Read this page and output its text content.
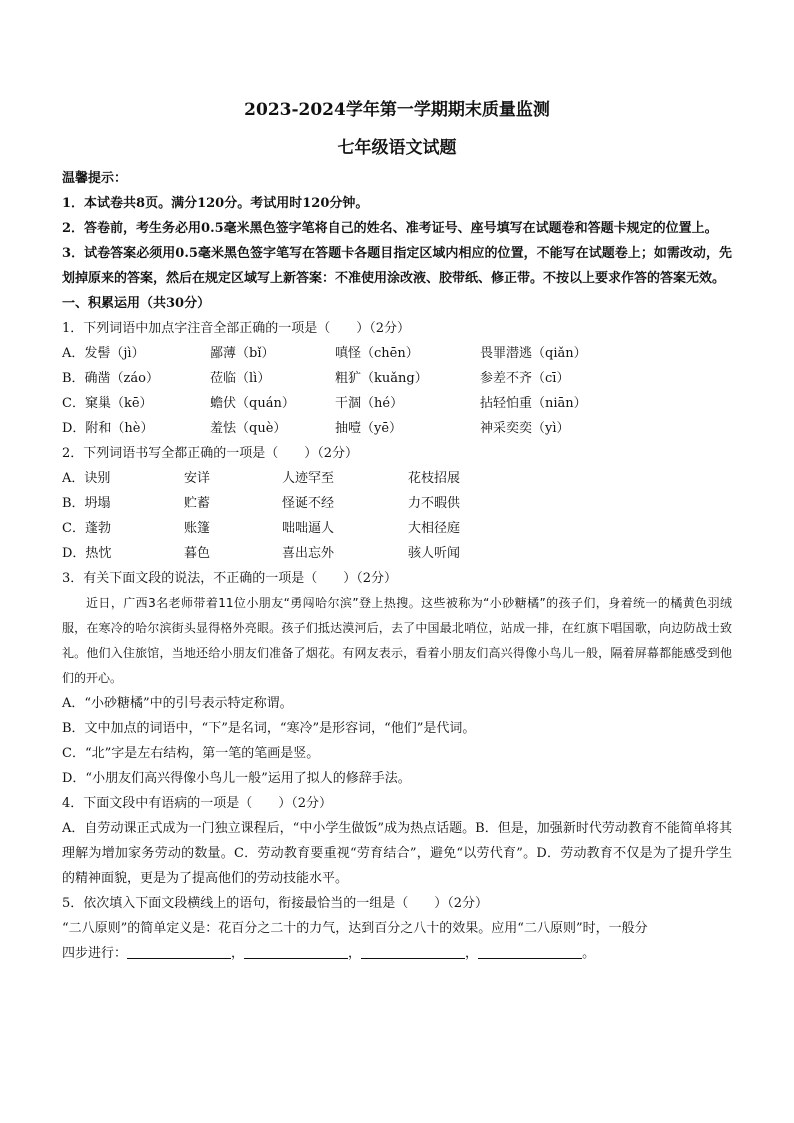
2023-2024学年第一学期期末质量监测
七年级语文试题
温馨提示：
1．本试卷共8页。满分120分。考试用时120分钟。
2．答卷前，考生务必用0.5毫米黑色签字笔将自己的姓名、准考证号、座号填写在试题卷和答题卡规定的位置上。
3．试卷答案必须用0.5毫米黑色签字笔写在答题卡各题目指定区域内相应的位置，不能写在试题卷上；如需改动，先划掉原来的答案，然后在规定区域写上新答案：不准使用涂改液、胶带纸、修正带。不按以上要求作答的答案无效。
一、积累运用（共30分）
1．下列词语中加点字注音全部正确的一项是（　　）（2分）
A．发髻（jì）	鄙薄（bǐ）	嗔怪（chēn）	畏罪潜逃（qiǎn）
B．确凿（záo）	莅临（lì）	粗犷（kuǎng）	参差不齐（cī）
C．窠巢（kē）	蟾伏（quán）	干涸（hé）	拈轻怕重（niān）
D．附和（hè）	羞怯（què）	抽噎（yē）	神采奕奕（yì）
2．下列词语书写全都正确的一项是（　　）（2分）
A．诀别	安详	人迹罕至	花枝招展
B．坍塌	贮蓄	怪诞不经	力不暇供
C．蓬勃	账篷	咄咄逼人	大相径庭
D．热忱	暮色	喜出忘外	骇人听闻
3．有关下面文段的说法，不正确的一项是（　　）（2分）
近日，广西3名老师带着11位小朋友“勇闯哈尔滨”登上热搜。这些被称为“小砂糖橘”的孩子们，身着统一的橘黄色羽绒服，在寒冷的哈尔滨街头显得格外亮眼。孩子们抵达漠河后，去了中国最北哨位，站成一排，在红旗下唱国歌，向边防战士致礼。他们入住旅馆，当地还给小朋友们准备了烟花。有网友表示，看着小朋友们高兴得像小鸟儿一般，隔着屏幕都能感受到他们的开心。
A．“小砂糖橘”中的引号表示特定称谓。
B．文中加点的词语中，“下”是名词，“寒冷”是形容词，“他们”是代词。
C．“北”字是左右结构，第一笔的笔画是竖。
D．“小朋友们高兴得像小鸟儿一般”运用了拟人的修辞手法。
4．下面文段中有语病的一项是（　　）（2分）
A．自劳动课正式成为一门独立课程后，“中小学生做饭”成为热点话题。B．但是，加强新时代劳动教育不能简单将其理解为增加家务劳动的数量。C．劳动教育要重视“劳育结合”，避免“以劳代育”。D．劳动教育不仅是为了提升学生的精神面貌，更是为了提高他们的劳动技能水平。
5．依次填入下面文段横线上的语句，衔接最恰当的一组是（　　）（2分）
“二八原则”的简单定义是：花百分之二十的力气，达到百分之八十的效果。应用“二八原则”时，一般分
四步进行：	，	，	，	。
